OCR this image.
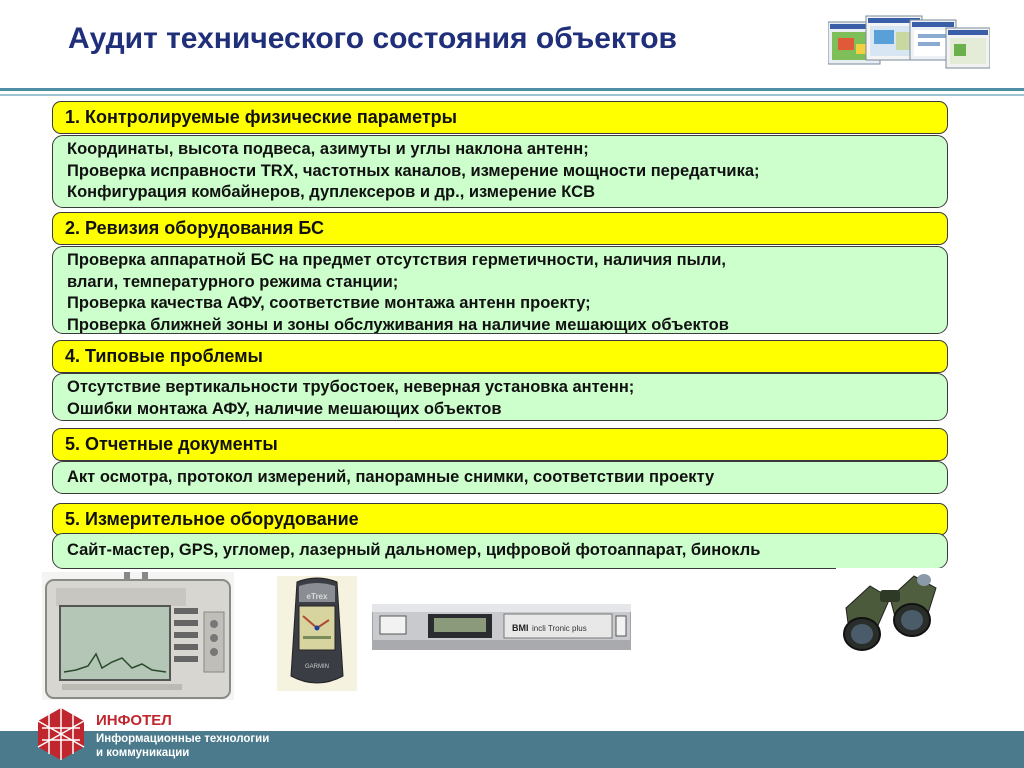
Аудит технического состояния объектов
1. Контролируемые физические параметры
Координаты, высота подвеса, азимуты и углы наклона антенн;
Проверка исправности TRX, частотных каналов, измерение мощности передатчика;
Конфигурация комбайнеров, дуплексеров и др., измерение КСВ
2. Ревизия оборудования БС
Проверка аппаратной БС на предмет отсутствия герметичности, наличия пыли,
влаги, температурного режима станции;
Проверка качества АФУ, соответствие монтажа антенн проекту;
Проверка ближней зоны и зоны обслуживания на наличие мешающих объектов
4. Типовые проблемы
Отсутствие вертикальности трубостоек, неверная установка антенн;
Ошибки монтажа АФУ, наличие мешающих объектов
5. Отчетные документы
Акт осмотра, протокол измерений, панорамные снимки, соответствии проекту
5. Измерительное оборудование
Сайт-мастер, GPS, угломер, лазерный дальномер, цифровой фотоаппарат, бинокль
eTrex
GARMIN
BMI incli Tronic plus
ИНФОТЕЛ
Информационные технологии
и коммуникации
